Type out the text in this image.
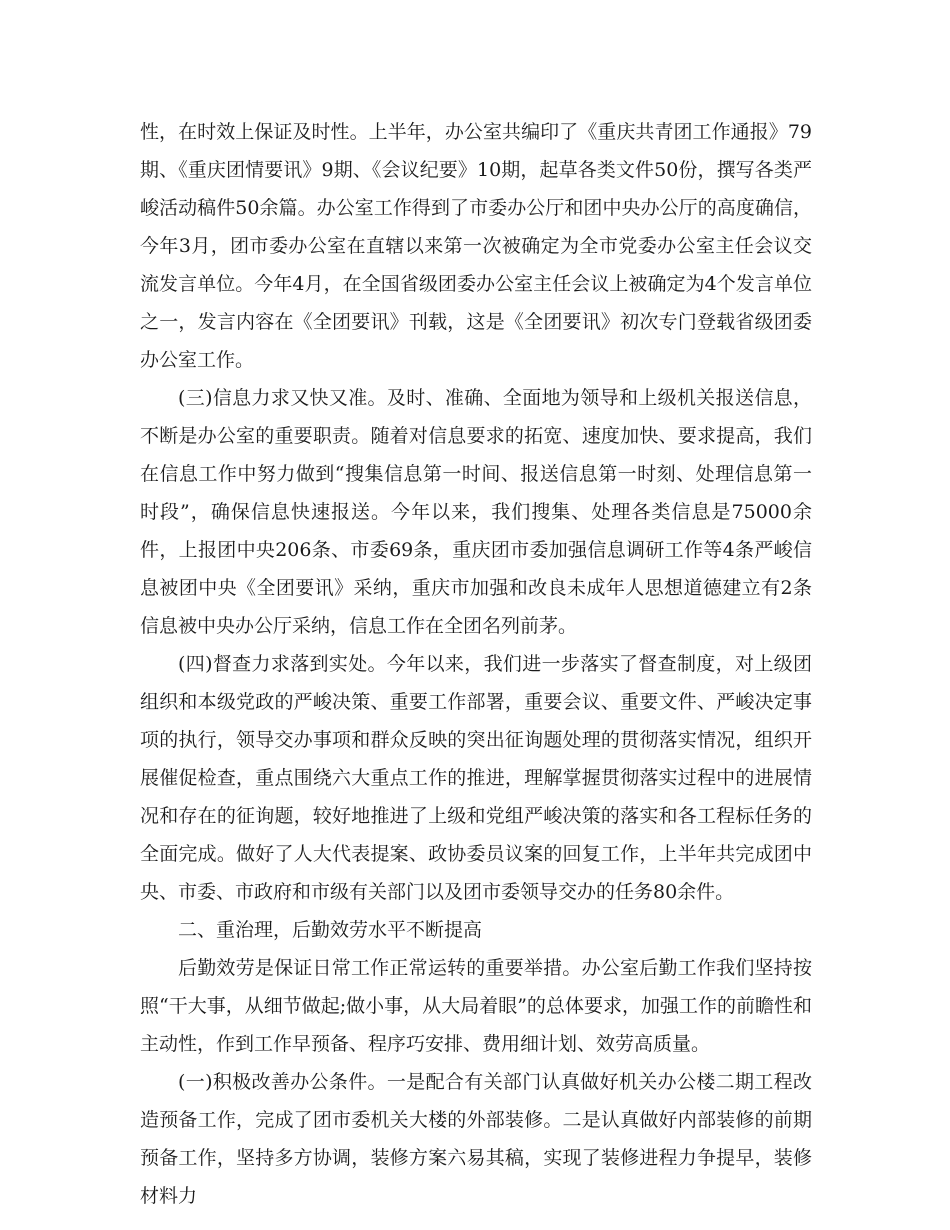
性，在时效上保证及时性。上半年，办公室共编印了《重庆共青团工作通报》79期、《重庆团情要讯》9期、《会议纪要》10期，起草各类文件50份，撰写各类严峻活动稿件50余篇。办公室工作得到了市委办公厅和团中央办公厅的高度确信，今年3月，团市委办公室在直辖以来第一次被确定为全市党委办公室主任会议交流发言单位。今年4月，在全国省级团委办公室主任会议上被确定为4个发言单位之一，发言内容在《全团要讯》刊载，这是《全团要讯》初次专门登载省级团委办公室工作。

(三)信息力求又快又准。及时、准确、全面地为领导和上级机关报送信息，不断是办公室的重要职责。随着对信息要求的拓宽、速度加快、要求提高，我们在信息工作中努力做到“搜集信息第一时间、报送信息第一时刻、处理信息第一时段”，确保信息快速报送。今年以来，我们搜集、处理各类信息是75000余件，上报团中央206条、市委69条，重庆团市委加强信息调研工作等4条严峻信息被团中央《全团要讯》采纳，重庆市加强和改良未成年人思想道德建立有2条信息被中央办公厅采纳，信息工作在全团名列前茅。

(四)督查力求落到实处。今年以来，我们进一步落实了督查制度，对上级团组织和本级党政的严峻决策、重要工作部署，重要会议、重要文件、严峻决定事项的执行，领导交办事项和群众反映的突出征询题处理的贯彻落实情况，组织开展催促检查，重点围绕六大重点工作的推进，理解掌握贯彻落实过程中的进展情况和存在的征询题，较好地推进了上级和党组严峻决策的落实和各工程标任务的全面完成。做好了人大代表提案、政协委员议案的回复工作，上半年共完成团中央、市委、市政府和市级有关部门以及团市委领导交办的任务80余件。

二、重治理，后勤效劳水平不断提高

后勤效劳是保证日常工作正常运转的重要举措。办公室后勤工作我们坚持按照“干大事，从细节做起;做小事，从大局着眼”的总体要求，加强工作的前瞻性和主动性，作到工作早预备、程序巧安排、费用细计划、效劳高质量。

(一)积极改善办公条件。一是配合有关部门认真做好机关办公楼二期工程改造预备工作，完成了团市委机关大楼的外部装修。二是认真做好内部装修的前期预备工作，坚持多方协调，装修方案六易其稿，实现了装修进程力争提早，装修材料力
